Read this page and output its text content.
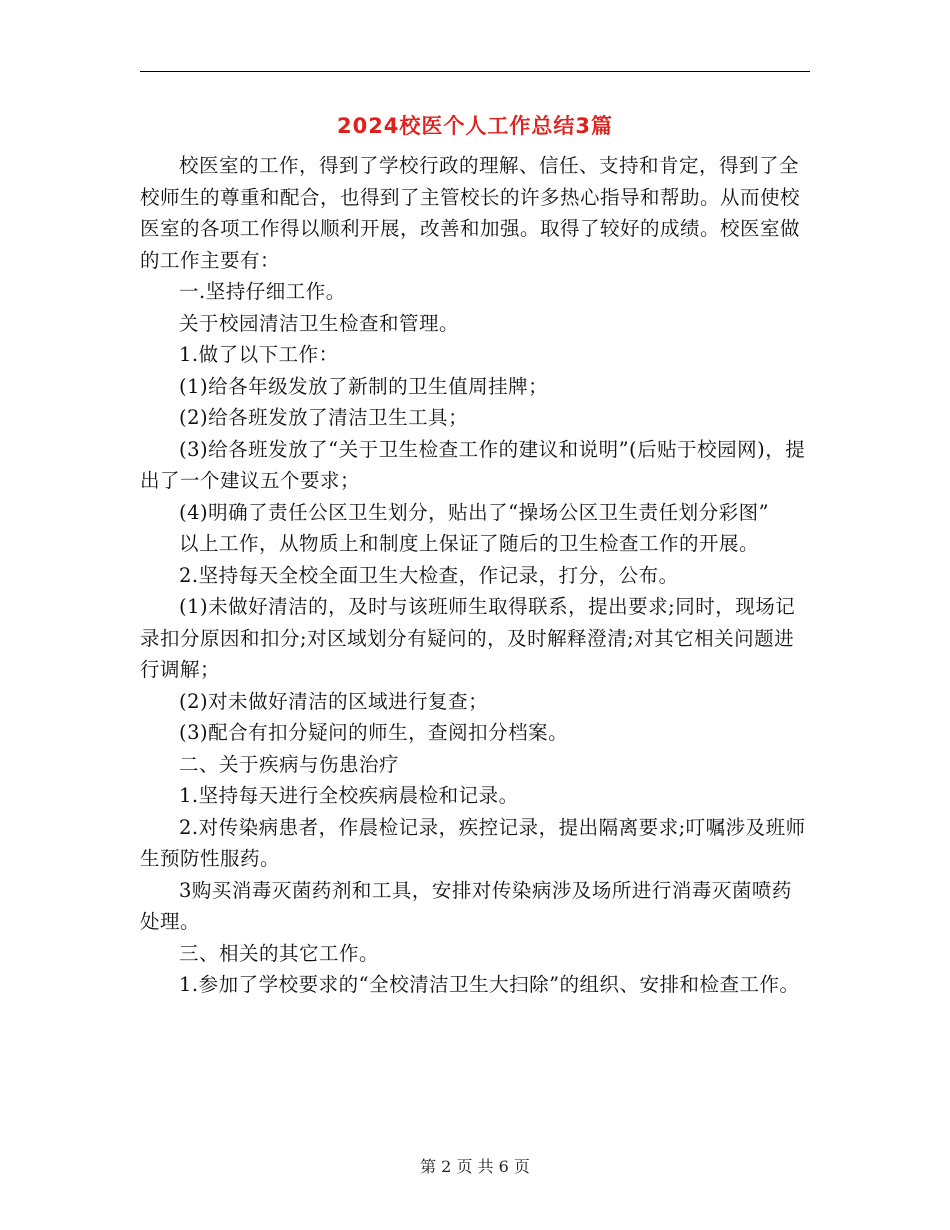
2024校医个人工作总结3篇

校医室的工作，得到了学校行政的理解、信任、支持和肯定，得到了全校师生的尊重和配合，也得到了主管校长的许多热心指导和帮助。从而使校医室的各项工作得以顺利开展，改善和加强。取得了较好的成绩。校医室做的工作主要有：

一.坚持仔细工作。

关于校园清洁卫生检查和管理。

1.做了以下工作：

(1)给各年级发放了新制的卫生值周挂牌；

(2)给各班发放了清洁卫生工具；

(3)给各班发放了“关于卫生检查工作的建议和说明”(后贴于校园网)，提出了一个建议五个要求；

(4)明确了责任公区卫生划分，贴出了“操场公区卫生责任划分彩图”

以上工作，从物质上和制度上保证了随后的卫生检查工作的开展。

2.坚持每天全校全面卫生大检查，作记录，打分，公布。

(1)未做好清洁的，及时与该班师生取得联系，提出要求;同时，现场记录扣分原因和扣分;对区域划分有疑问的，及时解释澄清;对其它相关问题进行调解；

(2)对未做好清洁的区域进行复查；

(3)配合有扣分疑问的师生，查阅扣分档案。

二、关于疾病与伤患治疗

1.坚持每天进行全校疾病晨检和记录。

2.对传染病患者，作晨检记录，疾控记录，提出隔离要求;叮嘱涉及班师生预防性服药。

3购买消毒灭菌药剂和工具，安排对传染病涉及场所进行消毒灭菌喷药处理。

三、相关的其它工作。

1.参加了学校要求的“全校清洁卫生大扫除”的组织、安排和检查工作。

第 2 页 共 6 页
